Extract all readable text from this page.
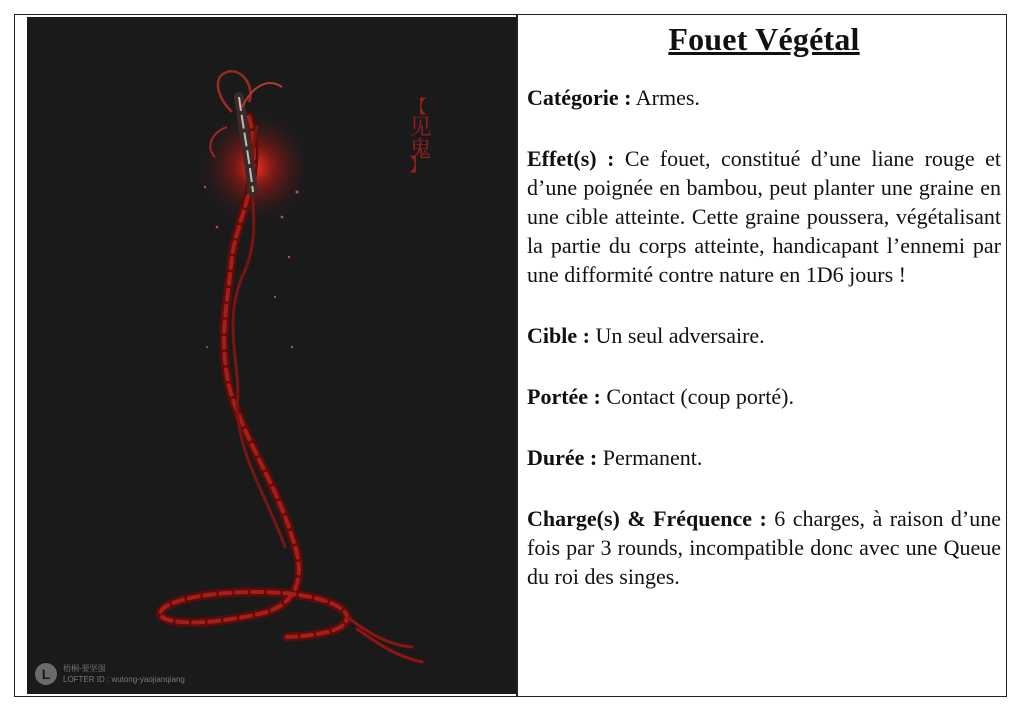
【
见鬼
】
L	梧桐-要坚强
LOFTER ID : wutong-yaojianqiang
Fouet Végétal

Catégorie : Armes.

Effet(s) : Ce fouet, constitué d’une liane rouge et d’une poignée en bambou, peut planter une graine en une cible atteinte. Cette graine poussera, végétalisant la partie du corps atteinte, handicapant l’ennemi par une difformité contre nature en 1D6 jours !

Cible : Un seul adversaire.

Portée : Contact (coup porté).

Durée : Permanent.

Charge(s) & Fréquence : 6 charges, à raison d’une fois par 3 rounds, incompatible donc avec une Queue du roi des singes.
